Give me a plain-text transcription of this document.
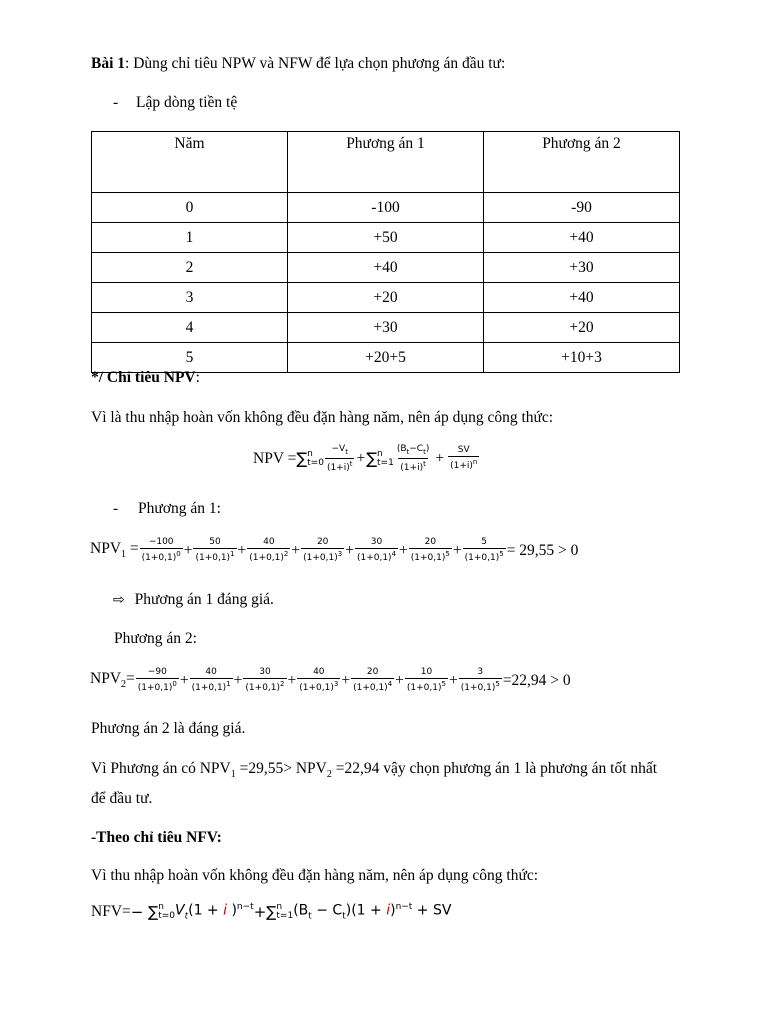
Bài 1: Dùng chỉ tiêu NPW và NFW để lựa chọn phương án đầu tư:
- Lập dòng tiền tệ
Năm	Phương án 1	Phương án 2
0	-100	-90
1	+50	+40
2	+40	+30
3	+20	+40
4	+30	+20
5	+20+5	+10+3
*/ Chỉ tiêu NPV:
Vì là thu nhập hoàn vốn không đều đặn hàng năm, nên áp dụng công thức:
NPV = ∑ n
$t=0 \frac{-V_t}{(1+i)^t}$ + ∑ n
$t=1 \frac{(B_t-C_t)}{(1+i)^t} + \frac{SV}{(1+i)^n}$
- Phương án 1:
$NPV_1 = \frac{-100}{(1+0,1)^0} + \frac{50}{(1+0,1)^1} + \frac{40}{(1+0,1)^2} + \frac{20}{(1+0,1)^3} + \frac{30}{(1+0,1)^4} + \frac{20}{(1+0,1)^5} + \frac{5}{(1+0,1)^5} = 29,55 > 0$
⇨ Phương án 1 đáng giá.
Phương án 2:
$NPV_2= \frac{-90}{(1+0,1)^0} + \frac{40}{(1+0,1)^1} + \frac{30}{(1+0,1)^2} + \frac{40}{(1+0,1)^3} + \frac{20}{(1+0,1)^4} + \frac{10}{(1+0,1)^5} + \frac{3}{(1+0,1)^5} =22,94 > 0$
Phương án 2 là đáng giá.
Vì Phương án có $NPV_1 =29,55> NPV_2 =22,94$ vậy chọn phương án 1 là phương án tốt nhất
để đầu tư.
-Theo chỉ tiêu NFV:
Vì thu nhập hoàn vốn không đều đặn hàng năm, nên áp dụng công thức:
NFV= − ∑ n
t=0 $V_t(1 + i$ )$^{n-t}$ +∑ n
t=1 $(B_t - C_t)(1 + i)^{n-t}$ + SV
